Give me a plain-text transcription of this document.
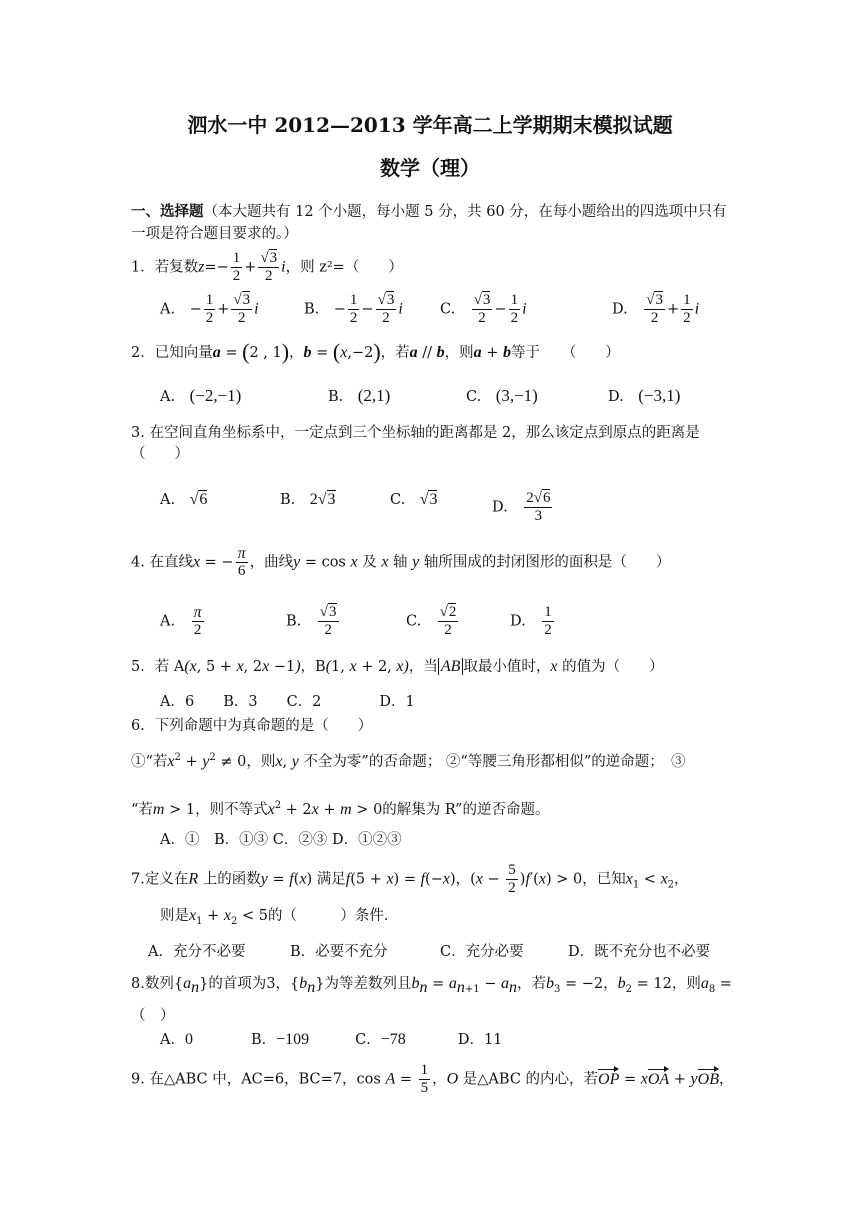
泗水一中 2012—2013 学年高二上学期期末模拟试题
数学（理）
一、选择题（本大题共有 12 个小题，每小题 5 分，共 60 分，在每小题给出的四选项中只有
一项是符合题目要求的。）
1．若复数$z=- \frac{1}{2} + \frac{√3}{2}$ i，则 z²=（　　）
A.　− $\frac{1}{2} + \frac{√3}{2}$ i	B.　− $\frac{1}{2} - \frac{√3}{2}$ i	C.　 $\frac{√3}{2} - \frac{1}{2}$ i	D.　 $\frac{√3}{2} + \frac{1}{2}$ i
2．已知向量a = (2 , 1)，b = (x,−2)，若a // b，则a + b等于　　（　　）
A.　 (−2,−1)	B.　 (2,1)	C.　 (3,−1)	D.　 (−3,1)
3. 在空间直角坐标系中，一定点到三个坐标轴的距离都是 2，那么该定点到原点的距离是
（　　）
A.　 √6	B.　 2√3	C.　 √3	D.　 $\frac{2√6}{3}$
4. 在直线x = − $\frac{\pi}{6}$ ，曲线y = cos x 及 x 轴 y 轴所围成的封闭图形的面积是（　　）
A.　 $\frac{\pi}{2}$	B.　 $\frac{√3}{2}$	C.　 $\frac{√2}{2}$	D.　 $\frac{1}{2}$
5．若 A(x, 5 + x, 2x −1)，B(1, x + 2, x)，当 AB 取最小值时，x 的值为（　　）
A．6　　B．3　　C．2　　　　D．1
6．下列命题中为真命题的是（　　）
①“若$x^2 + y^2 \ne 0$，则x, y 不全为零”的否命题； ②“等腰三角形都相似”的逆命题；　③
“若m > 1，则不等式$x^2 + 2x + m > 0$的解集为 R”的逆否命题。
A．①　B．①③ C．②③ D．①②③
7.定义在R 上的函数y = f(x) 满足f(5 + x) = f(−x)，$(x - \frac{5}{2} )f'(x) > 0$，已知$x_1 < x_2$，
则是$x_1 + x_2 < 5$的（　　　）条件.
A．充分不必要	B．必要不充分	C．充分必要	D．既不充分也不必要
8.数列$\{a_n\}$的首项为3，$\{b_n\}$为等差数列且$b_n = a_{n+1} - a_n$，若$b_3 = -2$，$b_2 = 12$，则$a_8$ =
（　）
A．0	B．−109	C．−78	D．11
9. 在△ABC 中，AC=6，BC=7，$\cos A = \frac{1}{5}$ ，O 是△ABC 的内心，若OP = xOA + yOB，
